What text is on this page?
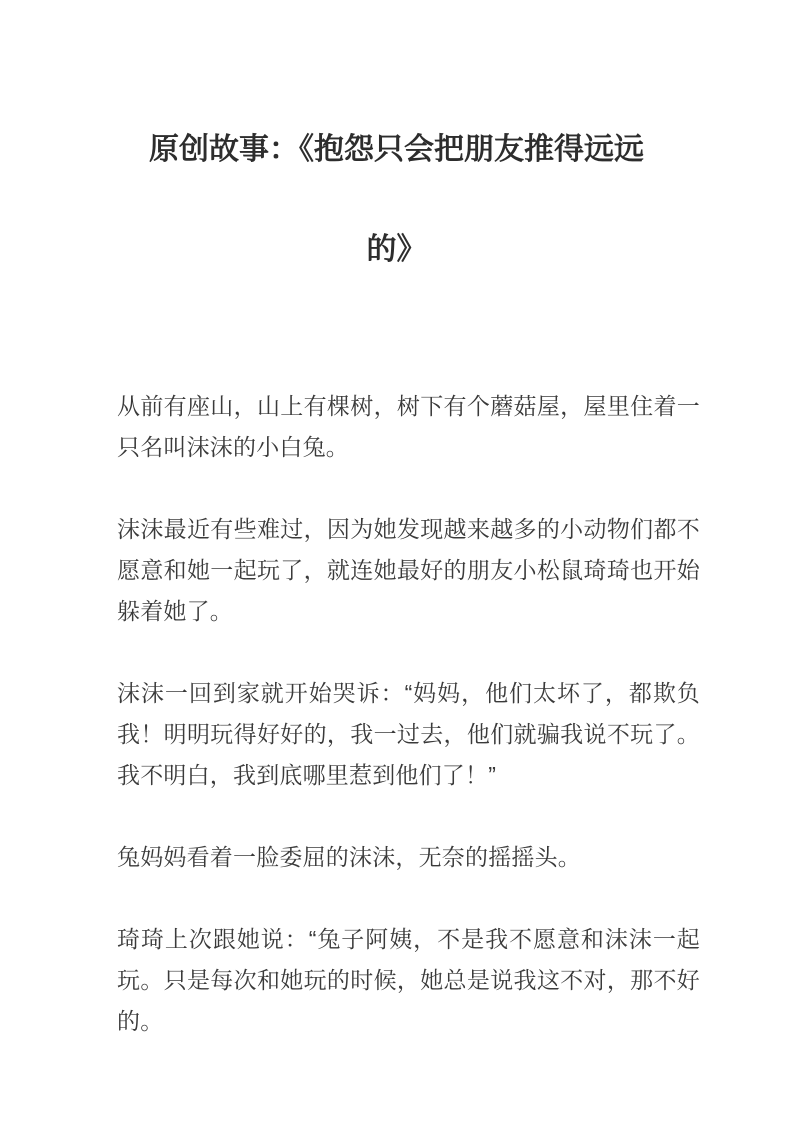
原创故事：《抱怨只会把朋友推得远远
的》

从前有座山，山上有棵树，树下有个蘑菇屋，屋里住着一只名叫沫沫的小白兔。

沫沫最近有些难过，因为她发现越来越多的小动物们都不愿意和她一起玩了，就连她最好的朋友小松鼠琦琦也开始躲着她了。

沫沫一回到家就开始哭诉：“妈妈，他们太坏了，都欺负我！明明玩得好好的，我一过去，他们就骗我说不玩了。我不明白，我到底哪里惹到他们了！”

兔妈妈看着一脸委屈的沫沫，无奈的摇摇头。

琦琦上次跟她说：“兔子阿姨，不是我不愿意和沫沫一起玩。只是每次和她玩的时候，她总是说我这不对，那不好的。
